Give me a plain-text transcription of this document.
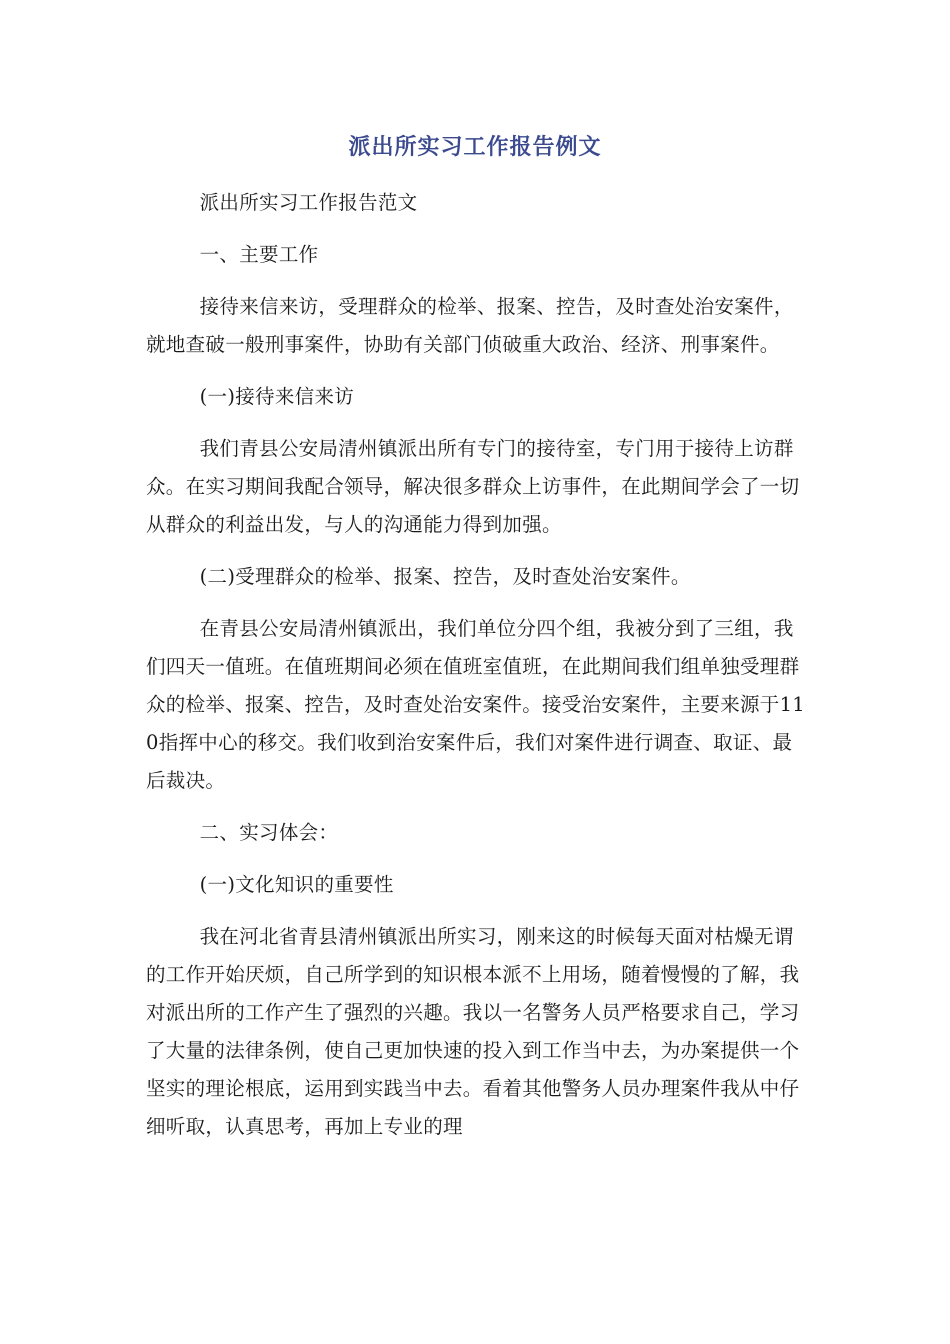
派出所实习工作报告例文

派出所实习工作报告范文

一、主要工作

接待来信来访，受理群众的检举、报案、控告，及时查处治安案件，就地查破一般刑事案件，协助有关部门侦破重大政治、经济、刑事案件。

(一)接待来信来访

我们青县公安局清州镇派出所有专门的接待室，专门用于接待上访群众。在实习期间我配合领导，解决很多群众上访事件，在此期间学会了一切从群众的利益出发，与人的沟通能力得到加强。

(二)受理群众的检举、报案、控告，及时查处治安案件。

在青县公安局清州镇派出，我们单位分四个组，我被分到了三组，我们四天一值班。在值班期间必须在值班室值班，在此期间我们组单独受理群众的检举、报案、控告，及时查处治安案件。接受治安案件，主要来源于110指挥中心的移交。我们收到治安案件后，我们对案件进行调查、取证、最后裁决。

二、实习体会：

(一)文化知识的重要性

我在河北省青县清州镇派出所实习，刚来这的时候每天面对枯燥无谓的工作开始厌烦，自己所学到的知识根本派不上用场，随着慢慢的了解，我对派出所的工作产生了强烈的兴趣。我以一名警务人员严格要求自己，学习了大量的法律条例，使自己更加快速的投入到工作当中去，为办案提供一个坚实的理论根底，运用到实践当中去。看着其他警务人员办理案件我从中仔细听取，认真思考，再加上专业的理
